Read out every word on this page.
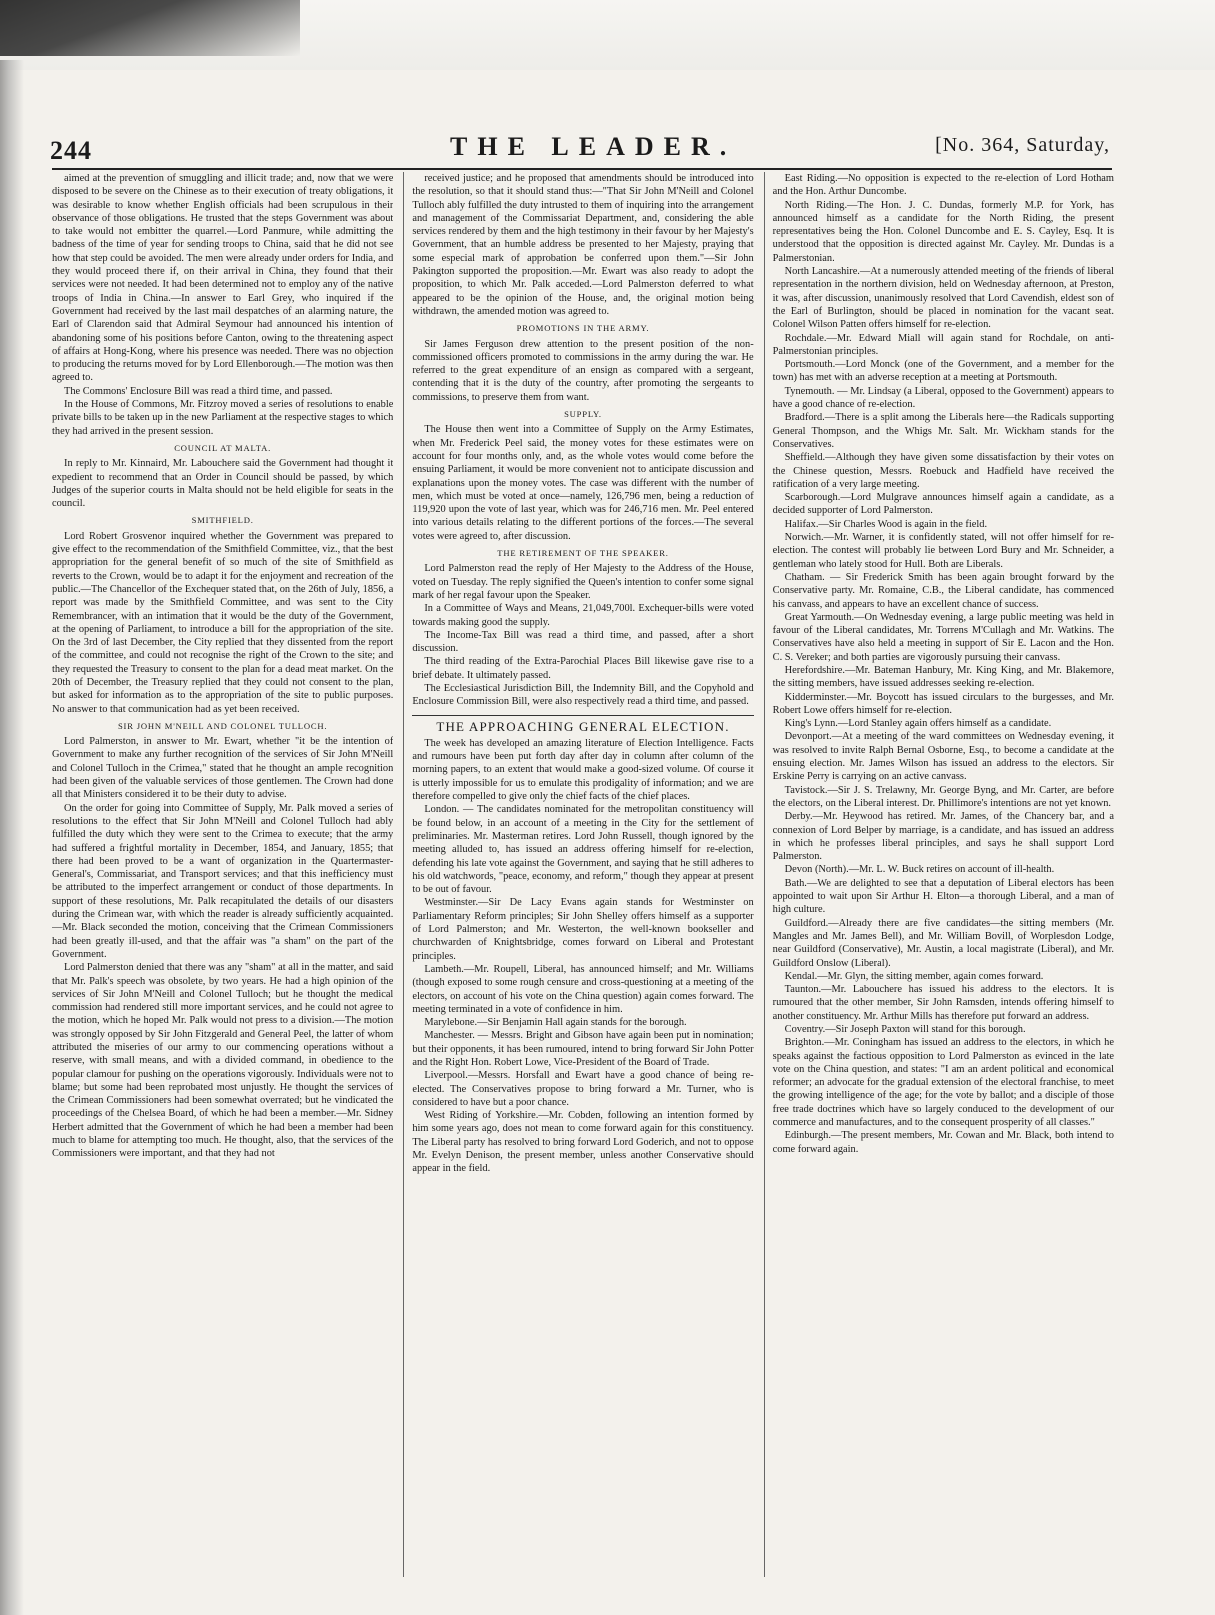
244	THE LEADER.	[No. 364, Saturday,

aimed at the prevention of smuggling and illicit trade; and, now that we were disposed to be severe on the Chinese as to their execution of treaty obligations, it was desirable to know whether English officials had been scrupulous in their observance of those obligations. He trusted that the steps Government was about to take would not embitter the quarrel.—Lord Panmure, while admitting the badness of the time of year for sending troops to China, said that he did not see how that step could be avoided. The men were already under orders for India, and they would proceed there if, on their arrival in China, they found that their services were not needed. It had been determined not to employ any of the native troops of India in China.—In answer to Earl Grey, who inquired if the Government had received by the last mail despatches of an alarming nature, the Earl of Clarendon said that Admiral Seymour had announced his intention of abandoning some of his positions before Canton, owing to the threatening aspect of affairs at Hong-Kong, where his presence was needed. There was no objection to producing the returns moved for by Lord Ellenborough.—The motion was then agreed to.

The Commons' Enclosure Bill was read a third time, and passed.

In the House of Commons, Mr. Fitzroy moved a series of resolutions to enable private bills to be taken up in the new Parliament at the respective stages to which they had arrived in the present session.

COUNCIL AT MALTA.

In reply to Mr. Kinnaird, Mr. Labouchere said the Government had thought it expedient to recommend that an Order in Council should be passed, by which Judges of the superior courts in Malta should not be held eligible for seats in the council.

SMITHFIELD.

Lord Robert Grosvenor inquired whether the Government was prepared to give effect to the recommendation of the Smithfield Committee, viz., that the best appropriation for the general benefit of so much of the site of Smithfield as reverts to the Crown, would be to adapt it for the enjoyment and recreation of the public.—The Chancellor of the Exchequer stated that, on the 26th of July, 1856, a report was made by the Smithfield Committee, and was sent to the City Remembrancer, with an intimation that it would be the duty of the Government, at the opening of Parliament, to introduce a bill for the appropriation of the site. On the 3rd of last December, the City replied that they dissented from the report of the committee, and could not recognise the right of the Crown to the site; and they requested the Treasury to consent to the plan for a dead meat market. On the 20th of December, the Treasury replied that they could not consent to the plan, but asked for information as to the appropriation of the site to public purposes. No answer to that communication had as yet been received.

SIR JOHN M'NEILL AND COLONEL TULLOCH.

Lord Palmerston, in answer to Mr. Ewart, whether "it be the intention of Government to make any further recognition of the services of Sir John M'Neill and Colonel Tulloch in the Crimea," stated that he thought an ample recognition had been given of the valuable services of those gentlemen. The Crown had done all that Ministers considered it to be their duty to advise.

On the order for going into Committee of Supply, Mr. Palk moved a series of resolutions to the effect that Sir John M'Neill and Colonel Tulloch had ably fulfilled the duty which they were sent to the Crimea to execute; that the army had suffered a frightful mortality in December, 1854, and January, 1855; that there had been proved to be a want of organization in the Quartermaster-General's, Commissariat, and Transport services; and that this inefficiency must be attributed to the imperfect arrangement or conduct of those departments. In support of these resolutions, Mr. Palk recapitulated the details of our disasters during the Crimean war, with which the reader is already sufficiently acquainted.—Mr. Black seconded the motion, conceiving that the Crimean Commissioners had been greatly ill-used, and that the affair was "a sham" on the part of the Government.

Lord Palmerston denied that there was any "sham" at all in the matter, and said that Mr. Palk's speech was obsolete, by two years. He had a high opinion of the services of Sir John M'Neill and Colonel Tulloch; but he thought the medical commission had rendered still more important services, and he could not agree to the motion, which he hoped Mr. Palk would not press to a division.—The motion was strongly opposed by Sir John Fitzgerald and General Peel, the latter of whom attributed the miseries of our army to our commencing operations without a reserve, with small means, and with a divided command, in obedience to the popular clamour for pushing on the operations vigorously. Individuals were not to blame; but some had been reprobated most unjustly. He thought the services of the Crimean Commissioners had been somewhat overrated; but he vindicated the proceedings of the Chelsea Board, of which he had been a member.—Mr. Sidney Herbert admitted that the Government of which he had been a member had been much to blame for attempting too much. He thought, also, that the services of the Commissioners were important, and that they had not

received justice; and he proposed that amendments should be introduced into the resolution, so that it should stand thus:—"That Sir John M'Neill and Colonel Tulloch ably fulfilled the duty intrusted to them of inquiring into the arrangement and management of the Commissariat Department, and, considering the able services rendered by them and the high testimony in their favour by her Majesty's Government, that an humble address be presented to her Majesty, praying that some especial mark of approbation be conferred upon them."—Sir John Pakington supported the proposition.—Mr. Ewart was also ready to adopt the proposition, to which Mr. Palk acceded.—Lord Palmerston deferred to what appeared to be the opinion of the House, and, the original motion being withdrawn, the amended motion was agreed to.

PROMOTIONS IN THE ARMY.

Sir James Ferguson drew attention to the present position of the non-commissioned officers promoted to commissions in the army during the war. He referred to the great expenditure of an ensign as compared with a sergeant, contending that it is the duty of the country, after promoting the sergeants to commissions, to preserve them from want.

SUPPLY.

The House then went into a Committee of Supply on the Army Estimates, when Mr. Frederick Peel said, the money votes for these estimates were on account for four months only, and, as the whole votes would come before the ensuing Parliament, it would be more convenient not to anticipate discussion and explanations upon the money votes. The case was different with the number of men, which must be voted at once—namely, 126,796 men, being a reduction of 119,920 upon the vote of last year, which was for 246,716 men. Mr. Peel entered into various details relating to the different portions of the forces.—The several votes were agreed to, after discussion.

THE RETIREMENT OF THE SPEAKER.

Lord Palmerston read the reply of Her Majesty to the Address of the House, voted on Tuesday. The reply signified the Queen's intention to confer some signal mark of her regal favour upon the Speaker.

In a Committee of Ways and Means, 21,049,700l. Exchequer-bills were voted towards making good the supply.

The Income-Tax Bill was read a third time, and passed, after a short discussion.

The third reading of the Extra-Parochial Places Bill likewise gave rise to a brief debate. It ultimately passed.

The Ecclesiastical Jurisdiction Bill, the Indemnity Bill, and the Copyhold and Enclosure Commission Bill, were also respectively read a third time, and passed.

THE APPROACHING GENERAL ELECTION.

The week has developed an amazing literature of Election Intelligence. Facts and rumours have been put forth day after day in column after column of the morning papers, to an extent that would make a good-sized volume. Of course it is utterly impossible for us to emulate this prodigality of information; and we are therefore compelled to give only the chief facts of the chief places.

London. — The candidates nominated for the metropolitan constituency will be found below, in an account of a meeting in the City for the settlement of preliminaries. Mr. Masterman retires. Lord John Russell, though ignored by the meeting alluded to, has issued an address offering himself for re-election, defending his late vote against the Government, and saying that he still adheres to his old watchwords, "peace, economy, and reform," though they appear at present to be out of favour.

Westminster.—Sir De Lacy Evans again stands for Westminster on Parliamentary Reform principles; Sir John Shelley offers himself as a supporter of Lord Palmerston; and Mr. Westerton, the well-known bookseller and churchwarden of Knightsbridge, comes forward on Liberal and Protestant principles.

Lambeth.—Mr. Roupell, Liberal, has announced himself; and Mr. Williams (though exposed to some rough censure and cross-questioning at a meeting of the electors, on account of his vote on the China question) again comes forward. The meeting terminated in a vote of confidence in him.

Marylebone.—Sir Benjamin Hall again stands for the borough.

Manchester. — Messrs. Bright and Gibson have again been put in nomination; but their opponents, it has been rumoured, intend to bring forward Sir John Potter and the Right Hon. Robert Lowe, Vice-President of the Board of Trade.

Liverpool.—Messrs. Horsfall and Ewart have a good chance of being re-elected. The Conservatives propose to bring forward a Mr. Turner, who is considered to have but a poor chance.

West Riding of Yorkshire.—Mr. Cobden, following an intention formed by him some years ago, does not mean to come forward again for this constituency. The Liberal party has resolved to bring forward Lord Goderich, and not to oppose Mr. Evelyn Denison, the present member, unless another Conservative should appear in the field.

East Riding.—No opposition is expected to the re-election of Lord Hotham and the Hon. Arthur Duncombe.

North Riding.—The Hon. J. C. Dundas, formerly M.P. for York, has announced himself as a candidate for the North Riding, the present representatives being the Hon. Colonel Duncombe and E. S. Cayley, Esq. It is understood that the opposition is directed against Mr. Cayley. Mr. Dundas is a Palmerstonian.

North Lancashire.—At a numerously attended meeting of the friends of liberal representation in the northern division, held on Wednesday afternoon, at Preston, it was, after discussion, unanimously resolved that Lord Cavendish, eldest son of the Earl of Burlington, should be placed in nomination for the vacant seat. Colonel Wilson Patten offers himself for re-election.

Rochdale.—Mr. Edward Miall will again stand for Rochdale, on anti-Palmerstonian principles.

Portsmouth.—Lord Monck (one of the Government, and a member for the town) has met with an adverse reception at a meeting at Portsmouth.

Tynemouth. — Mr. Lindsay (a Liberal, opposed to the Government) appears to have a good chance of re-election.

Bradford.—There is a split among the Liberals here—the Radicals supporting General Thompson, and the Whigs Mr. Salt. Mr. Wickham stands for the Conservatives.

Sheffield.—Although they have given some dissatisfaction by their votes on the Chinese question, Messrs. Roebuck and Hadfield have received the ratification of a very large meeting.

Scarborough.—Lord Mulgrave announces himself again a candidate, as a decided supporter of Lord Palmerston.

Halifax.—Sir Charles Wood is again in the field.

Norwich.—Mr. Warner, it is confidently stated, will not offer himself for re-election. The contest will probably lie between Lord Bury and Mr. Schneider, a gentleman who lately stood for Hull. Both are Liberals.

Chatham. — Sir Frederick Smith has been again brought forward by the Conservative party. Mr. Romaine, C.B., the Liberal candidate, has commenced his canvass, and appears to have an excellent chance of success.

Great Yarmouth.—On Wednesday evening, a large public meeting was held in favour of the Liberal candidates, Mr. Torrens M'Cullagh and Mr. Watkins. The Conservatives have also held a meeting in support of Sir E. Lacon and the Hon. C. S. Vereker; and both parties are vigorously pursuing their canvass.

Herefordshire.—Mr. Bateman Hanbury, Mr. King King, and Mr. Blakemore, the sitting members, have issued addresses seeking re-election.

Kidderminster.—Mr. Boycott has issued circulars to the burgesses, and Mr. Robert Lowe offers himself for re-election.

King's Lynn.—Lord Stanley again offers himself as a candidate.

Devonport.—At a meeting of the ward committees on Wednesday evening, it was resolved to invite Ralph Bernal Osborne, Esq., to become a candidate at the ensuing election. Mr. James Wilson has issued an address to the electors. Sir Erskine Perry is carrying on an active canvass.

Tavistock.—Sir J. S. Trelawny, Mr. George Byng, and Mr. Carter, are before the electors, on the Liberal interest. Dr. Phillimore's intentions are not yet known.

Derby.—Mr. Heywood has retired. Mr. James, of the Chancery bar, and a connexion of Lord Belper by marriage, is a candidate, and has issued an address in which he professes liberal principles, and says he shall support Lord Palmerston.

Devon (North).—Mr. L. W. Buck retires on account of ill-health.

Bath.—We are delighted to see that a deputation of Liberal electors has been appointed to wait upon Sir Arthur H. Elton—a thorough Liberal, and a man of high culture.

Guildford.—Already there are five candidates—the sitting members (Mr. Mangles and Mr. James Bell), and Mr. William Bovill, of Worplesdon Lodge, near Guildford (Conservative), Mr. Austin, a local magistrate (Liberal), and Mr. Guildford Onslow (Liberal).

Kendal.—Mr. Glyn, the sitting member, again comes forward.

Taunton.—Mr. Labouchere has issued his address to the electors. It is rumoured that the other member, Sir John Ramsden, intends offering himself to another constituency. Mr. Arthur Mills has therefore put forward an address.

Coventry.—Sir Joseph Paxton will stand for this borough.

Brighton.—Mr. Coningham has issued an address to the electors, in which he speaks against the factious opposition to Lord Palmerston as evinced in the late vote on the China question, and states: "I am an ardent political and economical reformer; an advocate for the gradual extension of the electoral franchise, to meet the growing intelligence of the age; for the vote by ballot; and a disciple of those free trade doctrines which have so largely conduced to the development of our commerce and manufactures, and to the consequent prosperity of all classes."

Edinburgh.—The present members, Mr. Cowan and Mr. Black, both intend to come forward again.
